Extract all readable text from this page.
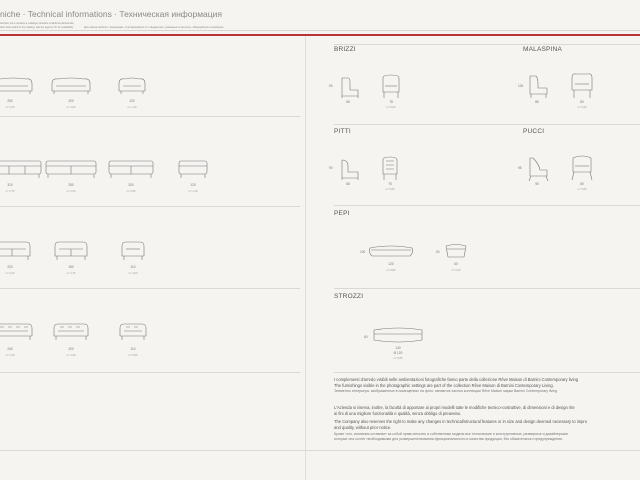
niche · Technical informations · Техническая информация
del item sono rendere a catalogo chiedere a fabbrica all'azienda
duct sizes listed in the catalog, ask the agency for its availability	Для заказа мебели с размерами, отличающимися от стандартных, указанных в каталоге, обращайтесь в компанию
250	200	120
m³ 2,00	m³ 1,84	m³ 1,10
310	250	200	120
m³ 2,75	m³ 2,00	m³ 2,05	m³ 1,10
220	180	110
m³ 2,20	m³ 1,75	m³ 1,00
240	200	110
m³ 2,10	m³ 1,90	m³ 0,95
BRIZZI
90
66	78
m³ 0,80
MALASPINA
100
85	80
m³ 0,90
PITTI
90
68	75
m³ 0,80
PUCCI
95
90	80
m³ 0,80
PEPI
100
120	60
50
m³ 0,85	m³ 0,20
STROZZI
60
140
Ø 120
m³ 0,85
I complementi d'arredo visibili nelle ambientazioni fotografiche fanno parte della collezione Rêve Maison di Barnini Contemporary living
The furnishings visible in the photographic settings are part of the collection Rêve Maison di Barnini Contemporary Living.
Элементы интерьера, изображенные в помещениях на фото, являются частью коллекции Rêve Maison марки Barnini Contemporary living
L'Azienda si riserva, inoltre, la facoltà di apportare ai propri modelli tutte le modifiche tecnico-costruttive, di dimensioni e di design rite
ai fini di una migliore funzionalità e qualità, senza obbligo di preavviso.
The Company also reserves the right to make any changes in technical/structural features or in size and design deemed necessary to impro
and quality, without prior notice.
Кроме того, компания оставляет за собой право вносить в собственные модели все технические и конструктивные, размерные и дизайнерские
которые она сочтет необходимыми для усовершенствования функциональности и качества продукции, без обязательного предупреждения.
